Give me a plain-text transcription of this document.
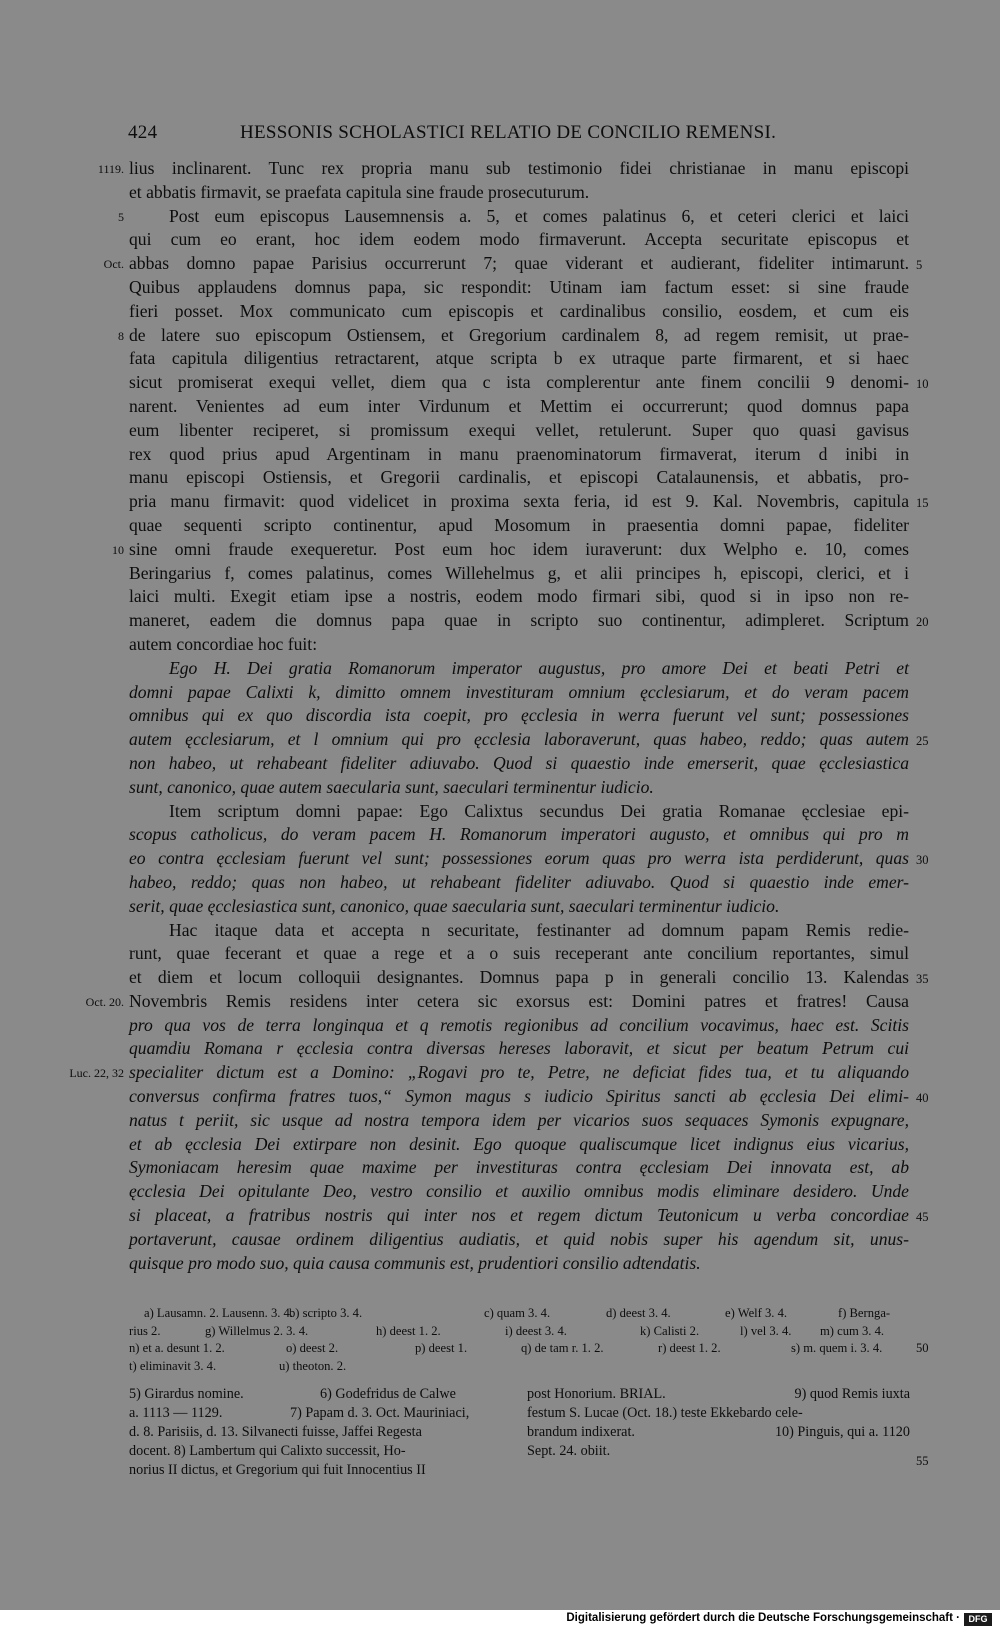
424	HESSONIS SCHOLASTICI RELATIO DE CONCILIO REMENSI.
lius inclinarent. Tunc rex propria manu sub testimonio fidei christianae in manu episcopi
et abbatis firmavit, se praefata capitula sine fraude prosecuturum.
Post eum episcopus Lausemnensis a. 5, et comes palatinus 6, et ceteri clerici et laici
qui cum eo erant, hoc idem eodem modo firmaverunt. Accepta securitate episcopus et
abbas domno papae Parisius occurrerunt 7; quae viderant et audierant, fideliter intimarunt.
Quibus applaudens domnus papa, sic respondit: Utinam iam factum esset: si sine fraude
fieri posset. Mox communicato cum episcopis et cardinalibus consilio, eosdem, et cum eis
de latere suo episcopum Ostiensem, et Gregorium cardinalem 8, ad regem remisit, ut prae-
fata capitula diligentius retractarent, atque scripta b ex utraque parte firmarent, et si haec
sicut promiserat exequi vellet, diem qua c ista complerentur ante finem concilii 9 denomi-
narent. Venientes ad eum inter Virdunum et Mettim ei occurrerunt; quod domnus papa
eum libenter reciperet, si promissum exequi vellet, retulerunt. Super quo quasi gavisus
rex quod prius apud Argentinam in manu praenominatorum firmaverat, iterum d inibi in
manu episcopi Ostiensis, et Gregorii cardinalis, et episcopi Catalaunensis, et abbatis, pro-
pria manu firmavit: quod videlicet in proxima sexta feria, id est 9. Kal. Novembris, capitula
quae sequenti scripto continentur, apud Mosomum in praesentia domni papae, fideliter
sine omni fraude exequeretur. Post eum hoc idem iuraverunt: dux Welpho e. 10, comes
Beringarius f, comes palatinus, comes Willehelmus g, et alii principes h, episcopi, clerici, et i
laici multi. Exegit etiam ipse a nostris, eodem modo firmari sibi, quod si in ipso non re-
maneret, eadem die domnus papa quae in scripto suo continentur, adimpleret. Scriptum
autem concordiae hoc fuit:
Ego H. Dei gratia Romanorum imperator augustus, pro amore Dei et beati Petri et
domni papae Calixti k, dimitto omnem investituram omnium ęcclesiarum, et do veram pacem
omnibus qui ex quo discordia ista coepit, pro ęcclesia in werra fuerunt vel sunt; possessiones
autem ęcclesiarum, et l omnium qui pro ęcclesia laboraverunt, quas habeo, reddo; quas autem
non habeo, ut rehabeant fideliter adiuvabo. Quod si quaestio inde emerserit, quae ęcclesiastica
sunt, canonico, quae autem saecularia sunt, saeculari terminentur iudicio.
Item scriptum domni papae: Ego Calixtus secundus Dei gratia Romanae ęcclesiae epi-
scopus catholicus, do veram pacem H. Romanorum imperatori augusto, et omnibus qui pro m
eo contra ęcclesiam fuerunt vel sunt; possessiones eorum quas pro werra ista perdiderunt, quas
habeo, reddo; quas non habeo, ut rehabeant fideliter adiuvabo. Quod si quaestio inde emer-
serit, quae ęcclesiastica sunt, canonico, quae saecularia sunt, saeculari terminentur iudicio.
Hac itaque data et accepta n securitate, festinanter ad domnum papam Remis redie-
runt, quae fecerant et quae a rege et a o suis receperant ante concilium reportantes, simul
et diem et locum colloquii designantes. Domnus papa p in generali concilio 13. Kalendas
Novembris Remis residens inter cetera sic exorsus est: Domini patres et fratres! Causa
pro qua vos de terra longinqua et q remotis regionibus ad concilium vocavimus, haec est. Scitis
quamdiu Romana r ęcclesia contra diversas hereses laboravit, et sicut per beatum Petrum cui
specialiter dictum est a Domino: „Rogavi pro te, Petre, ne deficiat fides tua, et tu aliquando
conversus confirma fratres tuos,“ Symon magus s iudicio Spiritus sancti ab ęcclesia Dei elimi-
natus t periit, sic usque ad nostra tempora idem per vicarios suos sequaces Symonis expugnare,
et ab ęcclesia Dei extirpare non desinit. Ego quoque qualiscumque licet indignus eius vicarius,
Symoniacam heresim quae maxime per investituras contra ęcclesiam Dei innovata est, ab
ęcclesia Dei opitulante Deo, vestro consilio et auxilio omnibus modis eliminare desidero. Unde
si placeat, a fratribus nostris qui inter nos et regem dictum Teutonicum u verba concordiae
portaverunt, causae ordinem diligentius audiatis, et quid nobis super his agendum sit, unus-
quisque pro modo suo, quia causa communis est, prudentiori consilio adtendatis.
1119.
5
Oct.
8
10
Oct. 20.
Luc. 22, 32
5
10
15
20
25
30
35
40
45
a) Lausamn. 2. Lausenn. 3. 4.
b) scripto 3. 4.	c) quam 3. 4.	d) deest 3. 4.	e) Welf 3. 4.	f) Bernga-
rius 2.	g) Willelmus 2. 3. 4.	h) deest 1. 2.	i) deest 3. 4.	k) Calisti 2.	l) vel 3. 4. m) cum 3. 4.
n) et a. desunt 1. 2.	o) deest 2.	p) deest 1.	q) de tam r. 1. 2.	r) deest 1. 2.	s) m. quem i. 3. 4.	50
t) eliminavit 3. 4.	u) theoton. 2.
5) Girardus nomine.
a. 1113 — 1129.
d. 8. Parisiis, d. 13. Silvanecti fuisse, Jaffei Regesta
docent. 8) Lambertum qui Calixto successit, Ho-
norius II dictus, et Gregorium qui fuit Innocentius II
6) Godefridus de Calwe
7) Papam d. 3. Oct. Mauriniaci,
post Honorium. BRIAL.
festum S. Lucae (Oct. 18.) teste Ekkebardo cele-
brandum indixerat.
Sept. 24. obiit.
9) quod Remis iuxta
10) Pinguis, qui a. 1120
55
Digitalisierung gefördert durch die Deutsche Forschungsgemeinschaft · DFG
